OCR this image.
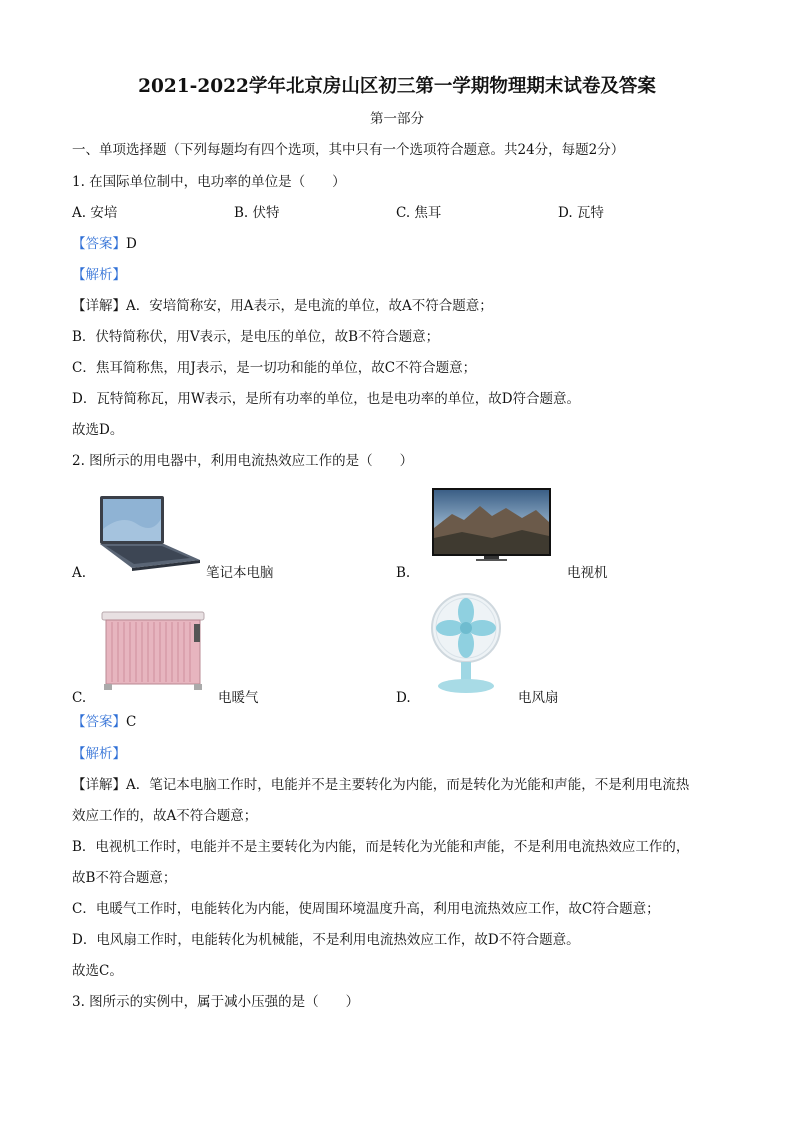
2021-2022学年北京房山区初三第一学期物理期末试卷及答案
第一部分
一、单项选择题（下列每题均有四个选项，其中只有一个选项符合题意。共24分，每题2分）
1. 在国际单位制中，电功率的单位是（　　）
A. 安培	B. 伏特	C. 焦耳	D. 瓦特
【答案】D
【解析】
【详解】A．安培简称安，用A表示，是电流的单位，故A不符合题意；
B．伏特简称伏，用V表示，是电压的单位，故B不符合题意；
C．焦耳简称焦，用J表示，是一切功和能的单位，故C不符合题意；
D．瓦特简称瓦，用W表示，是所有功率的单位，也是电功率的单位，故D符合题意。
故选D。
2. 图所示的用电器中，利用电流热效应工作的是（　　）
A.	笔记本电脑	B.	电视机
C.	电暖气	D.	电风扇
【答案】C
【解析】
【详解】A．笔记本电脑工作时，电能并不是主要转化为内能，而是转化为光能和声能，不是利用电流热
效应工作的，故A不符合题意；
B．电视机工作时，电能并不是主要转化为内能，而是转化为光能和声能，不是利用电流热效应工作的，
故B不符合题意；
C．电暖气工作时，电能转化为内能，使周围环境温度升高，利用电流热效应工作，故C符合题意；
D．电风扇工作时，电能转化为机械能，不是利用电流热效应工作，故D不符合题意。
故选C。
3. 图所示的实例中，属于减小压强的是（　　）
